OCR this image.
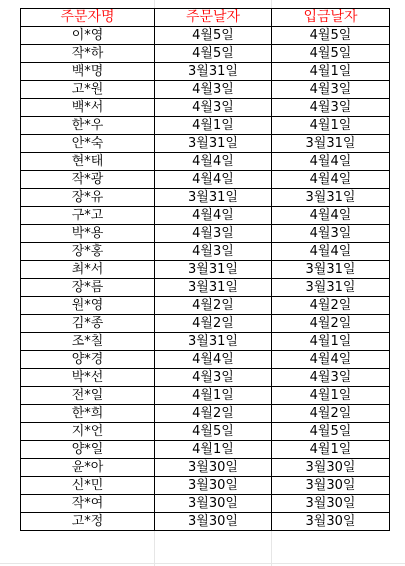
주문자명	주문날자	입금날자
이*영	4월5일	4월5일
작*하	4월5일	4월5일
백*명	3월31일	4월1일
고*원	4월3일	4월3일
백*서	4월3일	4월3일
한*우	4월1일	4월1일
안*숙	3월31일	3월31일
현*태	4월4일	4월4일
작*광	4월4일	4월4일
장*유	3월31일	3월31일
구*고	4월4일	4월4일
박*용	4월3일	4월3일
장*홍	4월3일	4월4일
최*서	3월31일	3월31일
장*름	3월31일	3월31일
원*영	4월2일	4월2일
김*종	4월2일	4월2일
조*칠	3월31일	4월1일
양*경	4월4일	4월4일
박*선	4월3일	4월3일
전*일	4월1일	4월1일
한*희	4월2일	4월2일
지*언	4월5일	4월5일
양*일	4월1일	4월1일
윤*아	3월30일	3월30일
신*민	3월30일	3월30일
작*여	3월30일	3월30일
고*정	3월30일	3월30일
